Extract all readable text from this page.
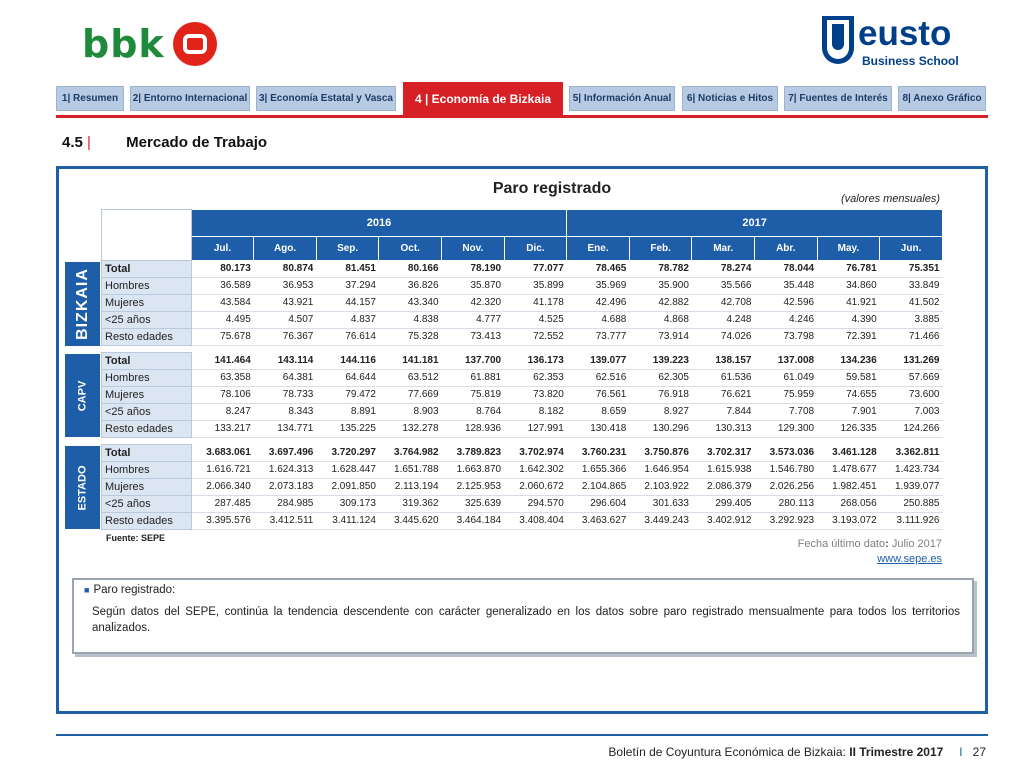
bbk	eusto
Business School
1| Resumen	2| Entorno Internacional	3| Economía Estatal y Vasca	4 | Economía de Bizkaia	5| Información Anual	6| Noticias e Hitos	7| Fuentes de Interés	8| Anexo Gráfico
4.5 | Mercado de Trabajo
Paro registrado
(valores mensuales)
	2016						2017					
	Jul.	Ago.	Sep.	Oct.	Nov.	Dic.	Ene.	Feb.	Mar.	Abr.	May.	Jun.
Total	80.173	80.874	81.451	80.166	78.190	77.077	78.465	78.782	78.274	78.044	76.781	75.351
Hombres	36.589	36.953	37.294	36.826	35.870	35.899	35.969	35.900	35.566	35.448	34.860	33.849
Mujeres	43.584	43.921	44.157	43.340	42.320	41.178	42.496	42.882	42.708	42.596	41.921	41.502
<25 años	4.495	4.507	4.837	4.838	4.777	4.525	4.688	4.868	4.248	4.246	4.390	3.885
Resto edades	75.678	76.367	76.614	75.328	73.413	72.552	73.777	73.914	74.026	73.798	72.391	71.466

Total	141.464	143.114	144.116	141.181	137.700	136.173	139.077	139.223	138.157	137.008	134.236	131.269
Hombres	63.358	64.381	64.644	63.512	61.881	62.353	62.516	62.305	61.536	61.049	59.581	57.669
Mujeres	78.106	78.733	79.472	77.669	75.819	73.820	76.561	76.918	76.621	75.959	74.655	73.600
<25 años	8.247	8.343	8.891	8.903	8.764	8.182	8.659	8.927	7.844	7.708	7.901	7.003
Resto edades	133.217	134.771	135.225	132.278	128.936	127.991	130.418	130.296	130.313	129.300	126.335	124.266

Total	3.683.061	3.697.496	3.720.297	3.764.982	3.789.823	3.702.974	3.760.231	3.750.876	3.702.317	3.573.036	3.461.128	3.362.811
Hombres	1.616.721	1.624.313	1.628.447	1.651.788	1.663.870	1.642.302	1.655.366	1.646.954	1.615.938	1.546.780	1.478.677	1.423.734
Mujeres	2.066.340	2.073.183	2.091.850	2.113.194	2.125.953	2.060.672	2.104.865	2.103.922	2.086.379	2.026.256	1.982.451	1.939.077
<25 años	287.485	284.985	309.173	319.362	325.639	294.570	296.604	301.633	299.405	280.113	268.056	250.885
Resto edades	3.395.576	3.412.511	3.411.124	3.445.620	3.464.184	3.408.404	3.463.627	3.449.243	3.402.912	3.292.923	3.193.072	3.111.926
BIZKAIA
CAPV
ESTADO
Fuente: SEPE	Fecha último dato: Julio 2017
www.sepe.es
■ Paro registrado:
Según datos del SEPE, continúa la tendencia descendente con carácter generalizado en los datos sobre paro registrado mensualmente para todos los territorios analizados.
Boletín de Coyuntura Económica de Bizkaia: II Trimestre 2017 I 27
